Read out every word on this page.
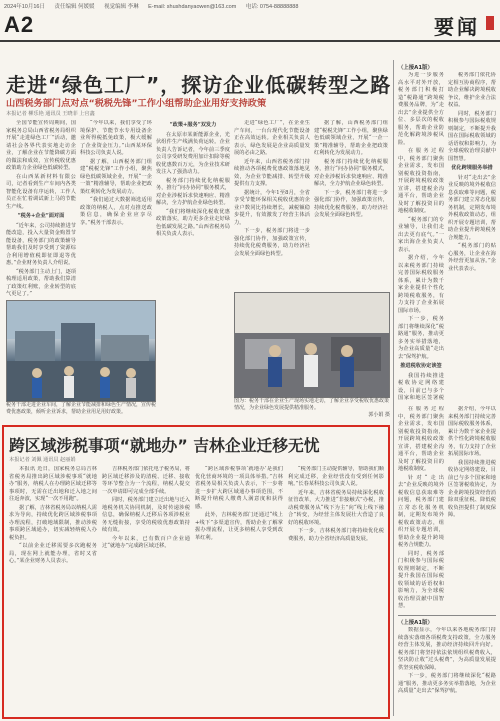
2024年10月16日 责任编辑 何媛媛 视觉编辑 李琳 E-mail: shushdanyaowen@163.com 电话: 0754-88888888
A2	要闻
走进“绿色工厂”，探访企业低碳转型之路
山西税务部门点对点“税税先锋”工作小组帮助企业用好支持政策
本报记者 柳乐艳 通讯员 王晓菲 上官鑫

全国节能宣传周期间，国家税务总局山西省税务局组织开展“走进绿色工厂”活动，邀请社会各界代表实地走访企业，了解企业在节能降碳方面的做法和成效，宣传税收优惠政策助力企业绿色低碳转型。

在山西某新材料有限公司，记者看到生产车间内各类智能化设备有序运转，工作人员正在忙着调试新上马的节能生产线。

“税务+企业”面对面

“近年来，公司持续推进节能改造，投入大量资金购置节能设备，税务部门的政策辅导帮助我们及时享受到了资源综合利用增值税即征即退等优惠。”企业财务负责人介绍说。

“税务部门主动上门，逐项梳理适用政策，帮助我们算清了政策红利账，企业转型的底气更足了。”

“今年以来，我们享受了环境保护、节能节水专用设备企业所得税抵免政策，极大缓解了企业资金压力。”山西某环保科技公司负责人说。

据了解，山西税务部门组建“税税先锋”工作小组，聚焦绿色低碳领域企业，开展“一企一策”精准辅导，帮助企业把政策红利转化为发展动力。

“我们通过大数据筛选适用政策的纳税人，点对点推送政策信息，确保企业应享尽享。”税务干部表示。

“政策+服务”双发力

在太原市某新能源企业，光伏组件生产线满负荷运转。企业负责人告诉记者，今年前三季度公司享受研发费用加计扣除等税收优惠数百万元，为企业技术研发注入了强劲动力。

税务部门持续优化纳税服务，推行“问办协同”服务模式，对企业涉税诉求快速响应、精准解决，全力护航企业绿色转型。

“我们将继续深化税收优惠政策落实，助力更多企业走好绿色低碳发展之路。”山西省税务局相关负责人表示。

走进“绿色工厂”，在企业生产车间，一台台现代化节能设备正在高效运转。企业相关负责人表示，绿色发展是企业高质量发展的必由之路。

近年来，山西省税务部门持续推动各项税费优惠政策落地见效，为企业节能减排、转型升级提供有力支撑。

据统计，今年1至8月，全省享受节能环保相关税收优惠的企业户数同比持续增长，减税额稳步提升，有效激发了经营主体活力。

下一步，税务部门将进一步强化部门协作，加强政策宣传，持续优化税费服务，助力经济社会发展全面绿色转型。

据了解，山西税务部门组建“税税先锋”工作小组，聚焦绿色低碳领域企业，开展“一企一策”精准辅导，帮助企业把政策红利转化为发展动力。

税务部门持续优化纳税服务，推行“问办协同”服务模式，对企业涉税诉求快速响应、精准解决，全力护航企业绿色转型。

下一步，税务部门将进一步强化部门协作，加强政策宣传，持续优化税费服务，助力经济社会发展全面绿色转型。

税务干部走进企业车间，了解企业节能减排和绿色生产情况，宣传税费优惠政策，倾听企业诉求，帮助企业用足用好政策。
图为：税务干部在企业生产现场实地走访，了解企业享受税收优惠政策情况，为企业绿色发展提供精准服务。
郭小娟 摄
跨区域涉税事项“就地办” 吉林企业迁移无忧
本报记者 刘佩 通讯员 赵丽娟

本报讯 近日，国家税务总局吉林省税务局推出跨区域涉税事项“就地办”服务，纳税人在办理跨区域迁移等事项时，无需在迁出地和迁入地之间往返奔波，实现“一次不用跑”。

据了解，吉林省税务局以纳税人需求为导向，持续优化跨区域涉税事项办理流程，打破地域限制，推动涉税事项跨区域通办，切实减轻纳税人办税负担。

“以前企业迁移需要多次跑税务局，现在网上就能办理，省时又省心。”某企业财务人员表示。

吉林税务部门依托电子税务局，将跨区域迁移涉及的清税、迁移、接收等环节整合为一个流程，纳税人提交一次申请即可完成全部手续。

同时，税务部门建立迁出地与迁入地税务机关协同机制，及时传递涉税信息，确保纳税人迁移后各项涉税业务无缝衔接，享受的税收优惠政策持续有效。

今年以来，已有数百户企业通过“就地办”完成跨区域迁移。

“跨区域涉税事项‘就地办’是我们优化营商环境的一项具体举措。”吉林省税务局相关负责人表示，下一步将进一步扩大跨区域通办事项范围，不断提升纳税人缴费人满意度和获得感。

此外，吉林税务部门还通过“线上+线下”多渠道宣传，帮助企业了解掌握办理流程，让更多纳税人享受到改革红利。

“税务部门主动提供辅导，帮助我们顺利完成迁移，企业经营没有受到任何影响。”长春某科技公司负责人说。

近年来，吉林省税务局持续深化税收征管改革，大力推进“非接触式”办税，推动税费服务从“线下为主”向“线上线下融合”转变，为经营主体发展壮大营造了良好的税收环境。

下一步，吉林税务部门将持续优化税费服务，助力全省经济高质量发展。

（上接A1版）

为进一步服务高水平对外开放，税务部门积极打造“税路通”跨境税费服务品牌，为“走出去”企业提供全方位、多层次的税收服务，帮助企业防范化解跨境涉税风险。

在服务过程中，税务部门聚焦企业需求，发布国别税收投资指南，开展跨境税收政策宣讲，搭建税企沟通平台，帮助企业及时了解投资目的地税收制度。

“税务部门的专业辅导，让我们走出去更有底气。”一家出海企业负责人表示。

据介绍，今年以来税务部门持续完善国际税收服务体系，累计为数千家企业提供个性化跨境税收服务，有力支持了企业拓展国际市场。

下一步，税务部门将继续深化“税路通”服务，推动更多务实举措落地，为企业高质量“走出去”保驾护航。

推进税收协定谈签

我国持续推进税收协定网络建设，目前已与多个国家和地区签署税

税务部门依托协定相互协商程序，帮助企业解决跨境税收争议，维护企业合法权益。

同时，税务部门积极参与国际税收规则制定，不断提升我国在国际税收领域的话语权和影响力，为全球税收治理贡献中国智慧。

优化跨境服务举措

针对“走出去”企业反映的境外税收信息获取难等问题，税务部门建立常态化服务机制，定期发布境外税收政策动态，组织开展专题培训，帮助企业提升跨境税务合规能力。

“税务部门的贴心服务，让企业在海外经营更加从容。”企业代表表示。

在服务过程中，税务部门聚焦企业需求，发布国别税收投资指南，开展跨境税收政策宣讲，搭建税企沟通平台，帮助企业及时了解投资目的地税收制度。

针对“走出去”企业反映的境外税收信息获取难等问题，税务部门建立常态化服务机制，定期发布境外税收政策动态，组织开展专题培训，帮助企业提升跨境税务合规能力。

同时，税务部门积极参与国际税收规则制定，不断提升我国在国际税收领域的话语权和影响力，为全球税收治理贡献中国智慧。

据介绍，今年以来税务部门持续完善国际税收服务体系，累计为数千家企业提供个性化跨境税收服务，有力支持了企业拓展国际市场。

我国持续推进税收协定网络建设，目前已与多个国家和地区签署税收协定，为企业跨境投资经营消除双重征税、降低税收负担提供了制度保障。

（上接A1版）

数据显示，今年以来各地税务部门持续落实落细各项税费支持政策，全力服务经营主体发展，推动经济持续回升向好。税务部门将坚持依法依规组织税费收入，坚决防止收“过头税费”，为高质量发展提供坚实税收保障。

下一步，税务部门将继续深化“税路通”服务，推动更多务实举措落地，为企业高质量“走出去”保驾护航。
